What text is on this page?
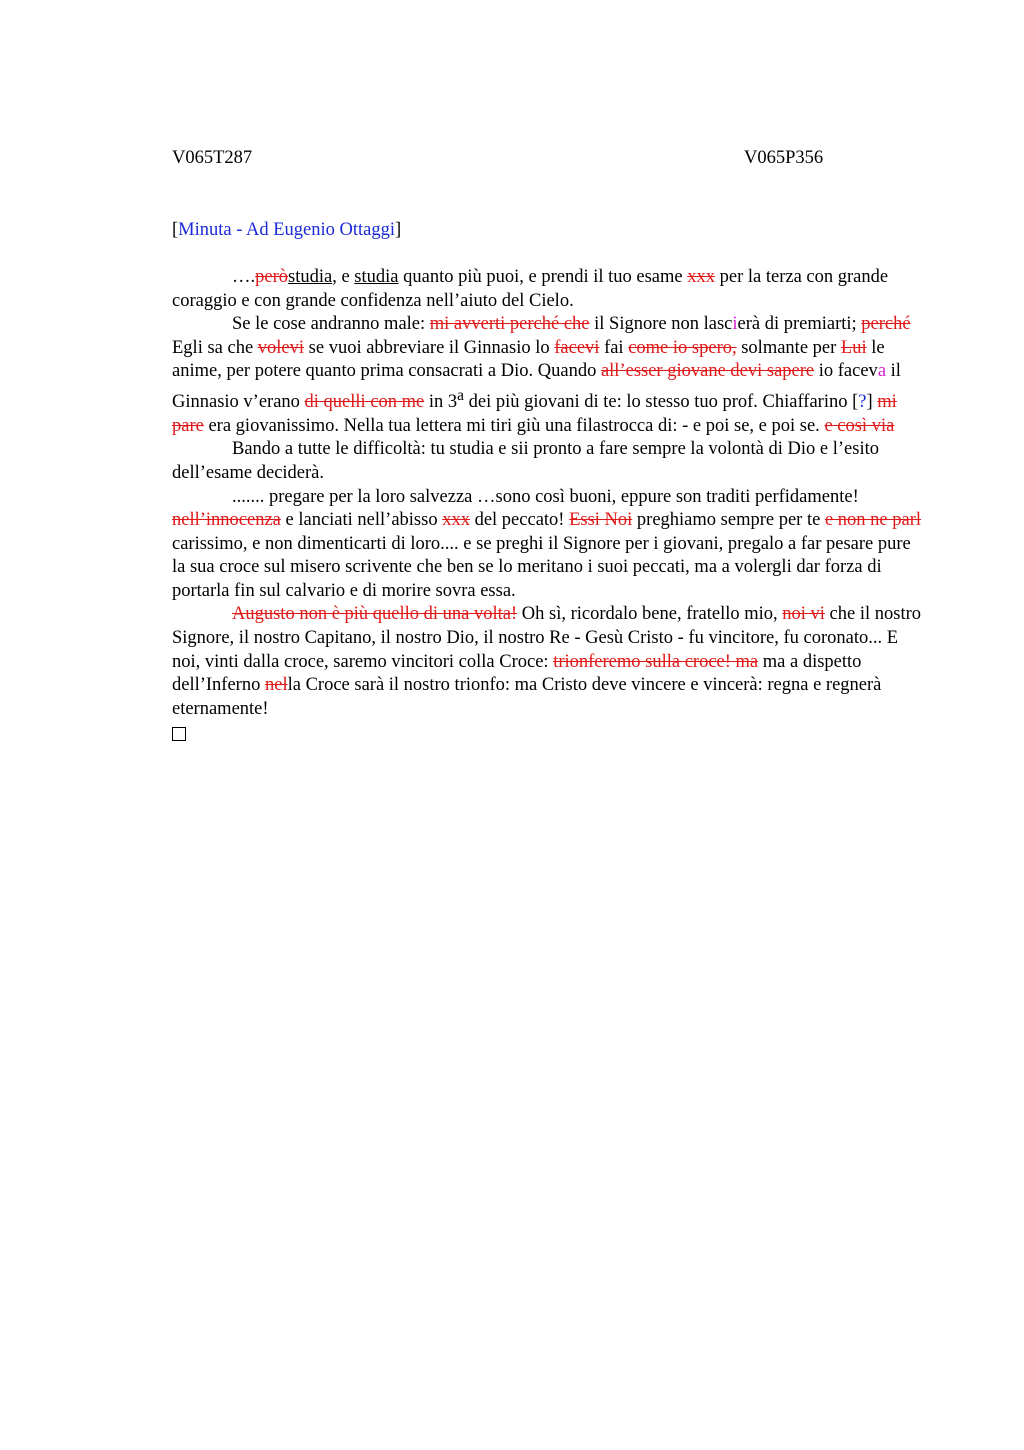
V065T287	V065P356
[Minuta - Ad Eugenio Ottaggi]

….peròstudia, e studia quanto più puoi, e prendi il tuo esame xxx per la terza con grande coraggio e con grande confidenza nell’aiuto del Cielo.

Se le cose andranno male: mi avverti perché che il Signore non lascierà di premiarti; perché Egli sa che volevi se vuoi abbreviare il Ginnasio lo facevi fai come io spero, solmante per Lui le anime, per potere quanto prima consacrati a Dio. Quando all’esser giovane devi sapere io faceva il Ginnasio v’erano di quelli con me in 3$^a$ dei più giovani di te: lo stesso tuo prof. Chiaffarino [?] mi pare era giovanissimo. Nella tua lettera mi tiri giù una filastrocca di: - e poi se, e poi se. e così via

Bando a tutte le difficoltà: tu studia e sii pronto a fare sempre la volontà di Dio e l’esito dell’esame deciderà.

....... pregare per la loro salvezza …sono così buoni, eppure son traditi perfidamente! nell’innocenza e lanciati nell’abisso xxx del peccato! Essi Noi preghiamo sempre per te e non ne parl carissimo, e non dimenticarti di loro.... e se preghi il Signore per i giovani, pregalo a far pesare pure la sua croce sul misero scrivente che ben se lo meritano i suoi peccati, ma a volergli dar forza di portarla fin sul calvario e di morire sovra essa.

Augusto non è più quello di una volta! Oh sì, ricordalo bene, fratello mio, noi vi che il nostro Signore, il nostro Capitano, il nostro Dio, il nostro Re - Gesù Cristo - fu vincitore, fu coronato... E noi, vinti dalla croce, saremo vincitori colla Croce: trionferemo sulla croce! ma ma a dispetto dell’Inferno nella Croce sarà il nostro trionfo: ma Cristo deve vincere e vincerà: regna e regnerà eternamente!
